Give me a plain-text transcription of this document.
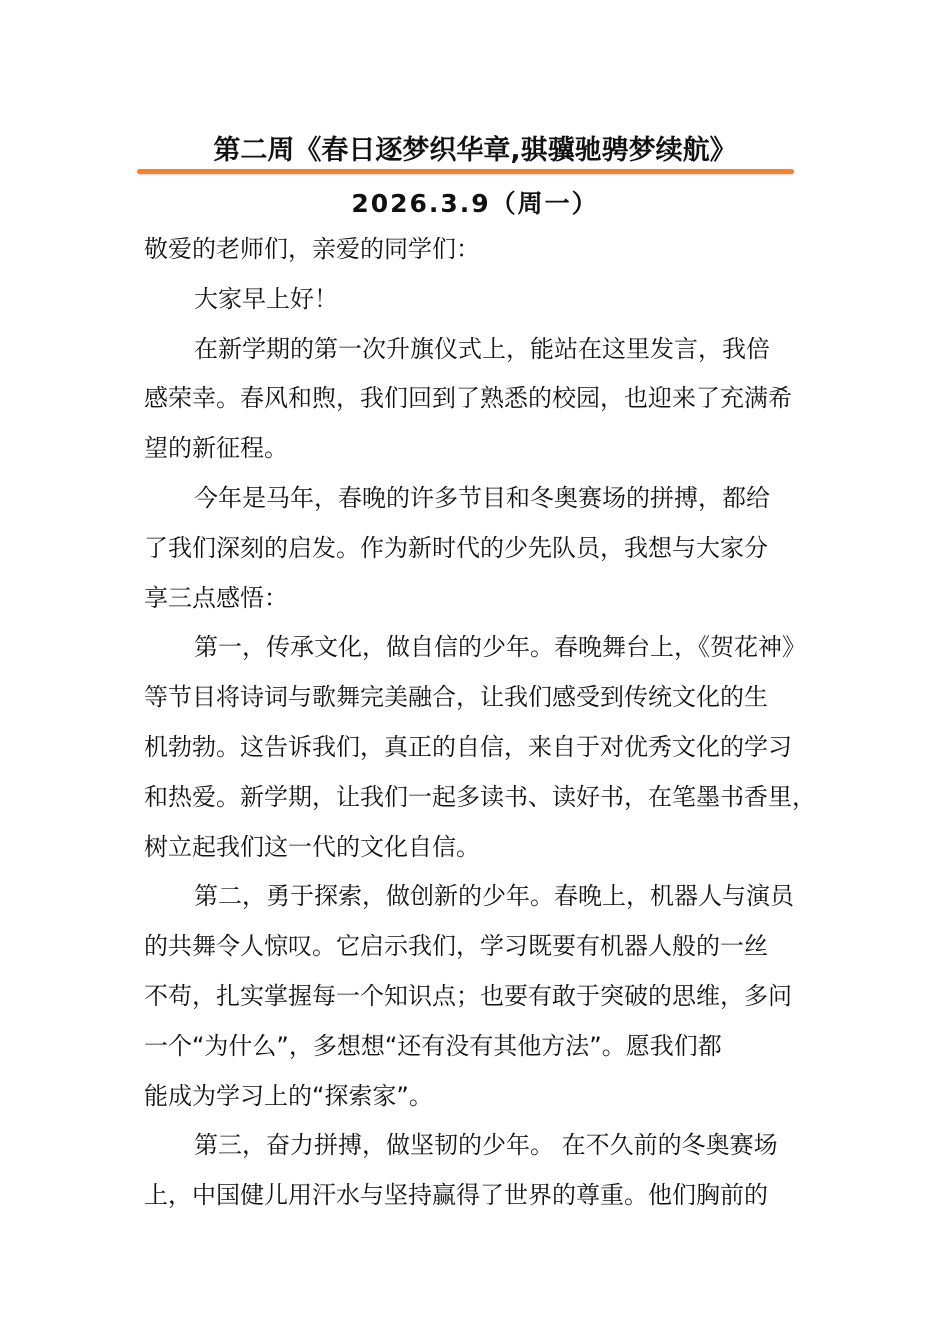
第二周《春日逐梦织华章,骐骥驰骋梦续航》
2026.3.9（周一）
敬爱的老师们，亲爱的同学们：

大家早上好！

在新学期的第一次升旗仪式上，能站在这里发言，我倍
感荣幸。春风和煦，我们回到了熟悉的校园，也迎来了充满希
望的新征程。

今年是马年，春晚的许多节目和冬奥赛场的拼搏，都给
了我们深刻的启发。作为新时代的少先队员，我想与大家分
享三点感悟：

第一，传承文化，做自信的少年。春晚舞台上，《贺花神》
等节目将诗词与歌舞完美融合，让我们感受到传统文化的生
机勃勃。这告诉我们，真正的自信，来自于对优秀文化的学习
和热爱。新学期，让我们一起多读书、读好书，在笔墨书香里，
树立起我们这一代的文化自信。

第二，勇于探索，做创新的少年。春晚上，机器人与演员
的共舞令人惊叹。它启示我们，学习既要有机器人般的一丝
不苟，扎实掌握每一个知识点；也要有敢于突破的思维，多问
一个“为什么”，多想想“还有没有其他方法”。愿我们都
能成为学习上的“探索家”。

第三，奋力拼搏，做坚韧的少年。 在不久前的冬奥赛场
上，中国健儿用汗水与坚持赢得了世界的尊重。他们胸前的
